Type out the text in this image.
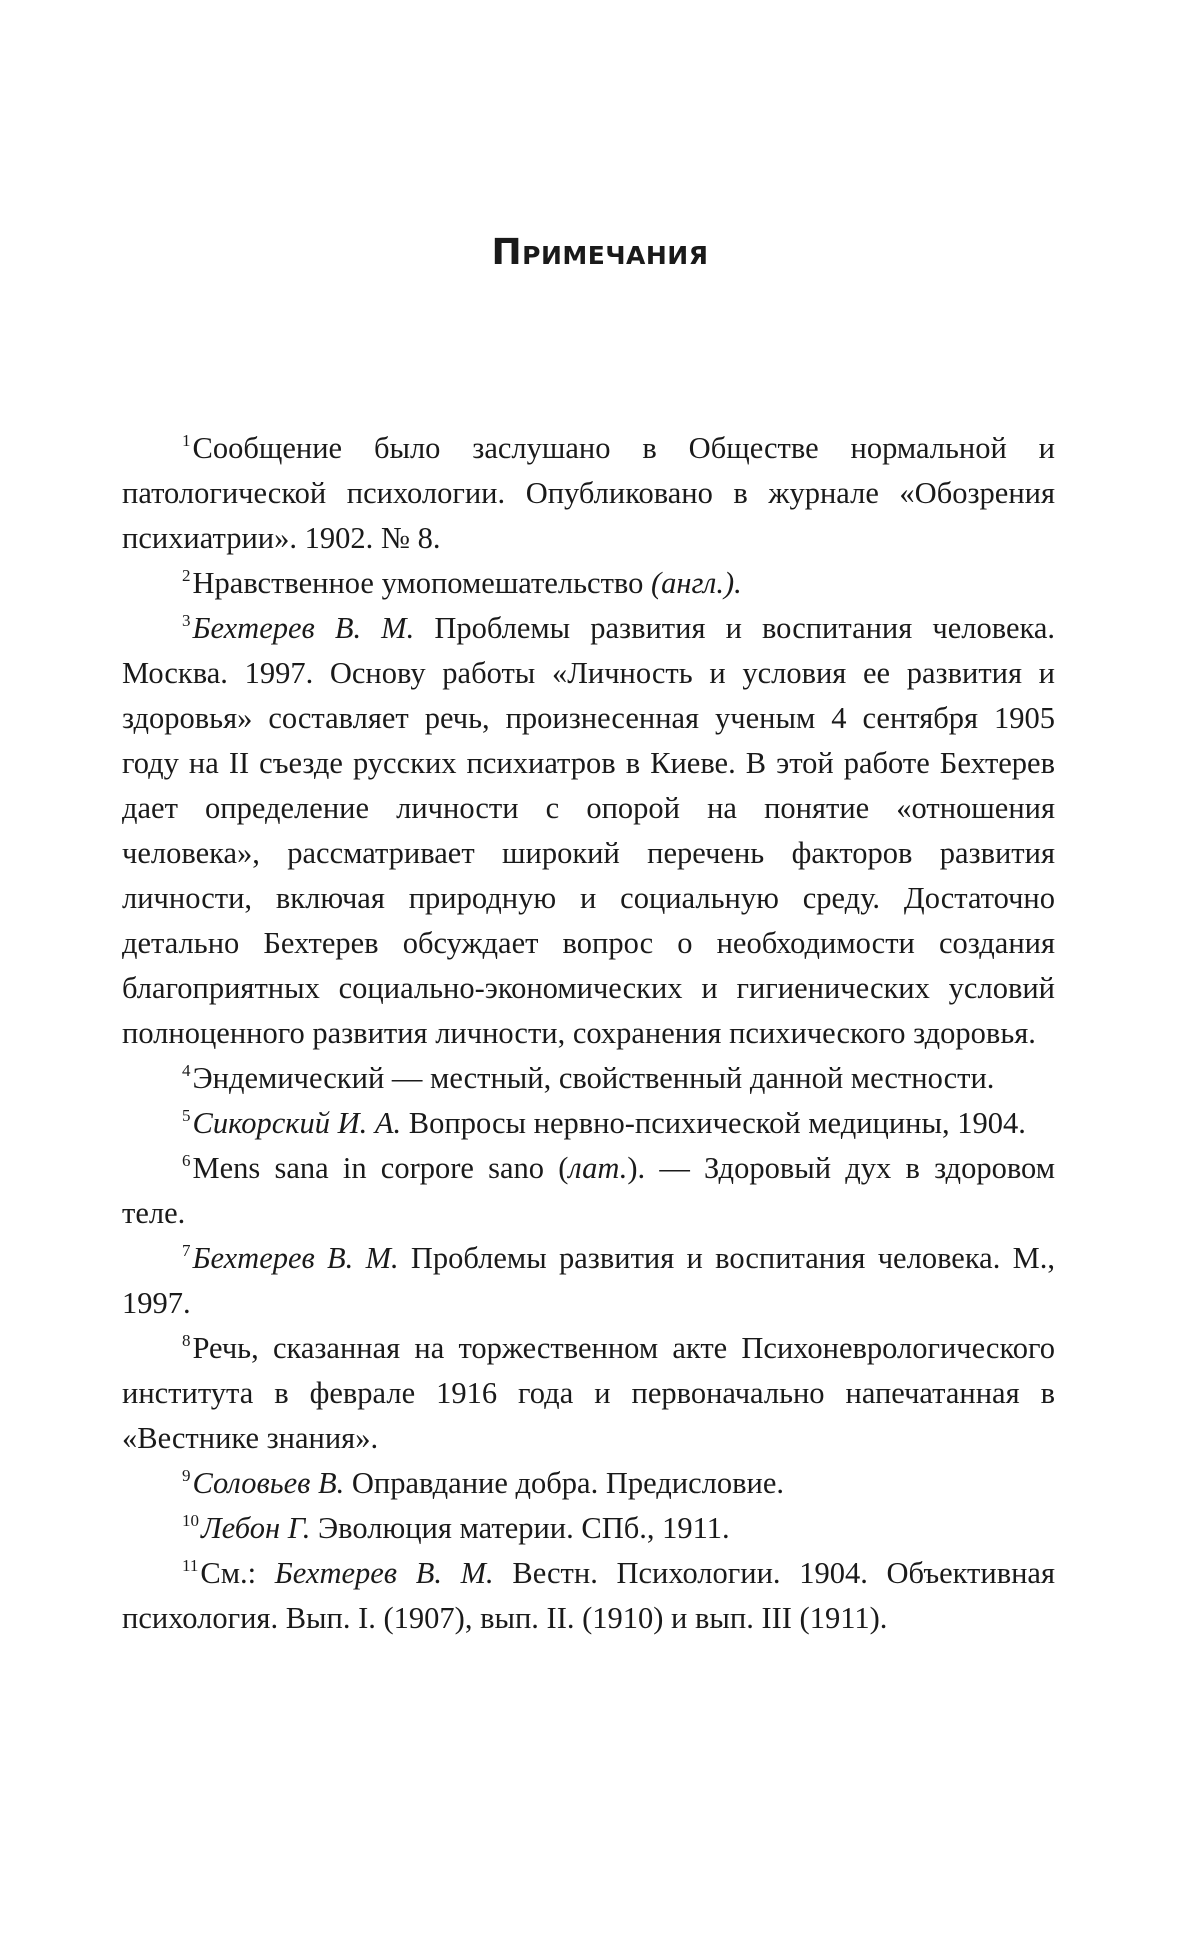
Примечания

$^1$Сообщение было заслушано в Обществе нормальной и патологической психологии. Опубликовано в журнале «Обозрения психиатрии». 1902. № 8.

$^2$Нравственное умопомешательство (англ.).

$^3$Бехтерев В. М. Проблемы развития и воспитания человека. Москва. 1997. Основу работы «Личность и условия ее развития и здоровья» составляет речь, произнесенная ученым 4 сентября 1905 году на II съезде русских психиатров в Киеве. В этой работе Бехтерев дает определение личности с опорой на понятие «отношения человека», рассматривает широкий перечень факторов развития личности, включая природную и социальную среду. Достаточно детально Бехтерев обсуждает вопрос о необходимости создания благоприятных социально-экономических и гигиенических условий полноценного развития личности, сохранения психического здоровья.

$^4$Эндемический — местный, свойственный данной местности.

$^5$Сикорский И. А. Вопросы нервно-психической медицины, 1904.

$^6$Mens sana in corpore sano (лат.). — Здоровый дух в здоровом теле.

$^7$Бехтерев В. М. Проблемы развития и воспитания человека. М., 1997.

$^8$Речь, сказанная на торжественном акте Психоневрологического института в феврале 1916 года и первоначально напечатанная в «Вестнике знания».

$^9$Соловьев В. Оправдание добра. Предисловие.

$^{10}$Лебон Г. Эволюция материи. СПб., 1911.

$^{11}$См.: Бехтерев В. М. Вестн. Психологии. 1904. Объективная психология. Вып. I. (1907), вып. II. (1910) и вып. III (1911).
